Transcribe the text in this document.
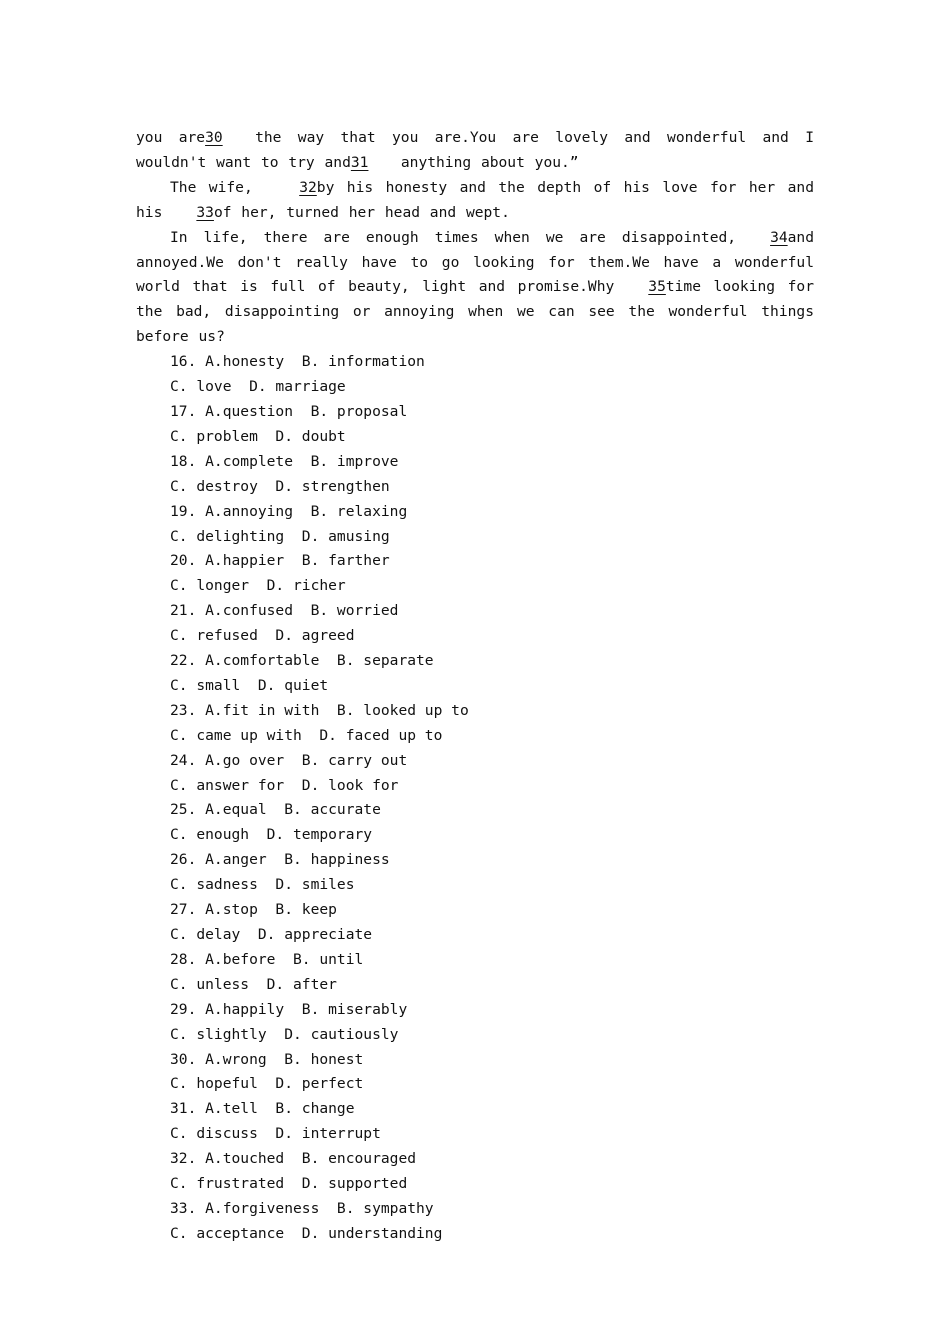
you are30 the way that you are.You are lovely and wonderful and I wouldn't want to try and31 anything about you.”

The wife,	32by his honesty and the depth of his love for her and his 33of her, turned her head and wept.

In life, there are enough times when we are disappointed, 34and annoyed.We don't really have to go looking for them.We have a wonderful world that is full of beauty, light and promise.Why 35time looking for the bad, disappointing or annoying when we can see the wonderful things before us?

16. A.honesty  B. information

C. love  D. marriage

17. A.question  B. proposal

C. problem  D. doubt

18. A.complete  B. improve

C. destroy  D. strengthen

19. A.annoying  B. relaxing

C. delighting  D. amusing

20. A.happier  B. farther

C. longer  D. richer

21. A.confused  B. worried

C. refused  D. agreed

22. A.comfortable  B. separate

C. small  D. quiet

23. A.fit in with  B. looked up to

C. came up with  D. faced up to

24. A.go over  B. carry out

C. answer for  D. look for

25. A.equal  B. accurate

C. enough  D. temporary

26. A.anger  B. happiness

C. sadness  D. smiles

27. A.stop  B. keep

C. delay  D. appreciate

28. A.before  B. until

C. unless  D. after

29. A.happily  B. miserably

C. slightly  D. cautiously

30. A.wrong  B. honest

C. hopeful  D. perfect

31. A.tell  B. change

C. discuss  D. interrupt

32. A.touched  B. encouraged

C. frustrated  D. supported

33. A.forgiveness  B. sympathy

C. acceptance  D. understanding
